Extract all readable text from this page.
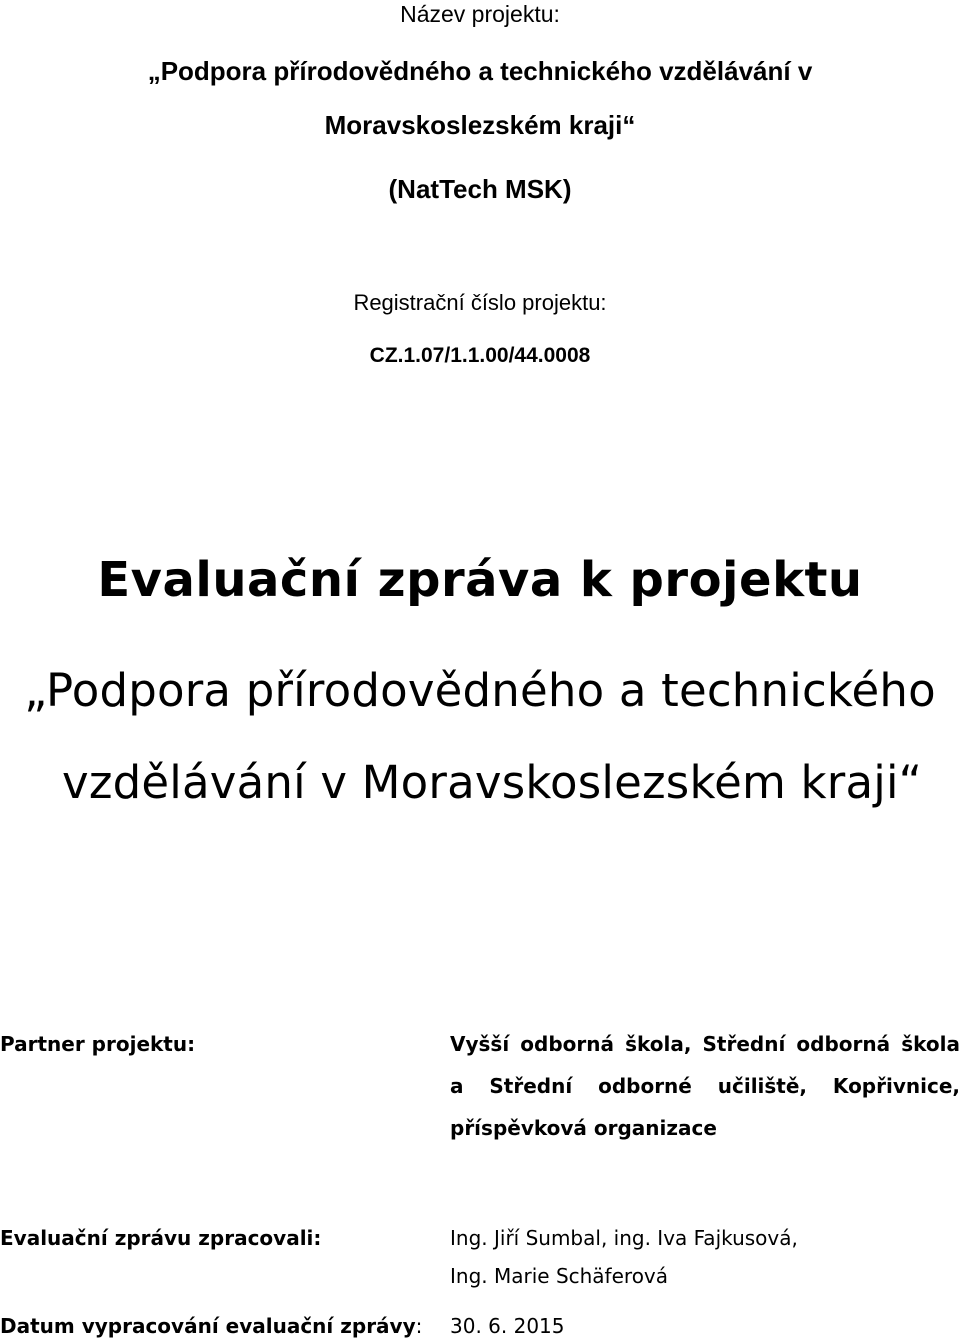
Název projektu:
„Podpora přírodovědného a technického vzdělávání v
Moravskoslezském kraji“
(NatTech MSK)
Registrační číslo projektu:
CZ.1.07/1.1.00/44.0008
Evaluační zpráva k projektu
„Podpora přírodovědného a technického
vzdělávání v Moravskoslezském kraji“
Partner projektu:	Vyšší odborná škola, Střední odborná škola
a Střední odborné učiliště, Kopřivnice,
příspěvková organizace
Evaluační zprávu zpracovali:	Ing. Jiří Sumbal, ing. Iva Fajkusová,
Ing. Marie Schäferová
Datum vypracování evaluační zprávy: 30. 6. 2015
